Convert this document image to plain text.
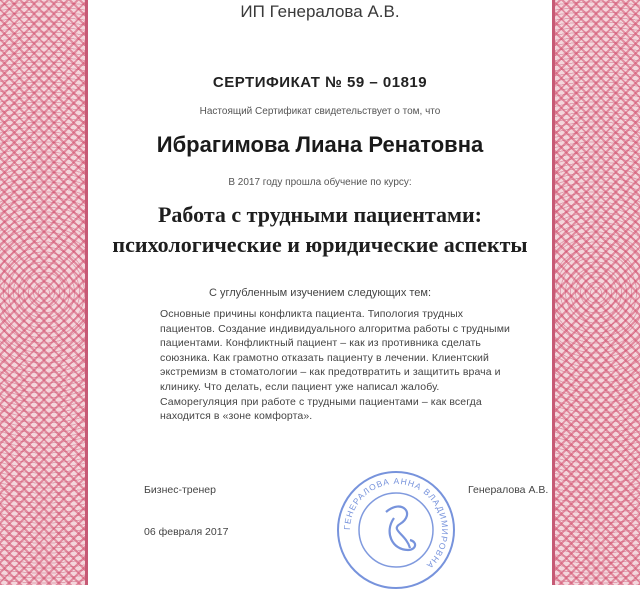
ИП Генералова А.В.
СЕРТИФИКАТ № 59 – 01819
Настоящий Сертификат свидетельствует о том, что
Ибрагимова Лиана Ренатовна
В 2017 году прошла обучение по курсу:
Работа с трудными пациентами:
психологические и юридические аспекты
С углубленным изучением следующих тем:
Основные причины конфликта пациента. Типология трудных пациентов. Создание индивидуального алгоритма работы с трудными пациентами. Конфликтный пациент – как из противника сделать союзника. Как грамотно отказать пациенту в лечении. Клиентский экстремизм в стоматологии – как предотвратить и защитить врача и клинику. Что делать, если пациент уже написал жалобу. Саморегуляция при работе с трудными пациентами – как всегда находится в «зоне комфорта».
Бизнес-тренер	Генералова А.В.
06 февраля 2017	ГЕНЕРАЛОВА АННА ВЛАДИМИРОВНА
